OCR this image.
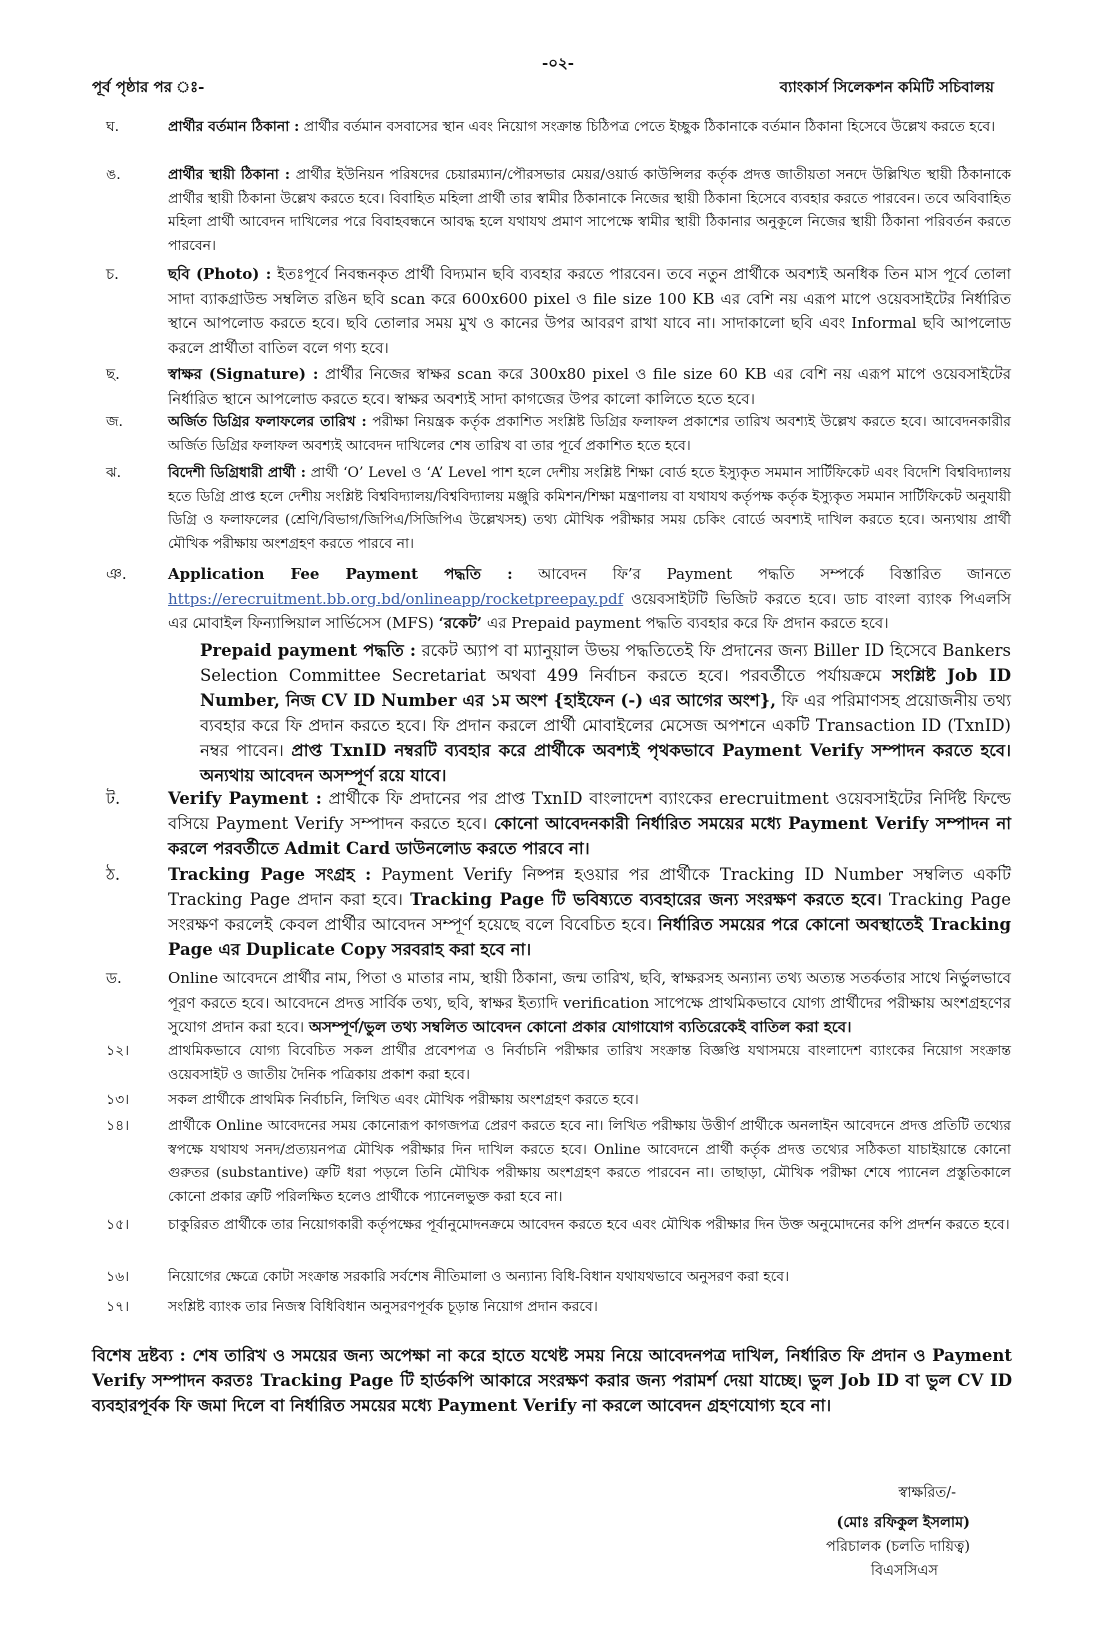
-০২-
পূর্ব পৃষ্ঠার পর ঃ-	ব্যাংকার্স সিলেকশন কমিটি সচিবালয়
ঘ.	প্রার্থীর বর্তমান ঠিকানা : প্রার্থীর বর্তমান বসবাসের স্থান এবং নিয়োগ সংক্রান্ত চিঠিপত্র পেতে ইচ্ছুক ঠিকানাকে বর্তমান ঠিকানা হিসেবে উল্লেখ করতে হবে।
ঙ.	প্রার্থীর স্থায়ী ঠিকানা : প্রার্থীর ইউনিয়ন পরিষদের চেয়ারম্যান/পৌরসভার মেয়র/ওয়ার্ড কাউন্সিলর কর্তৃক প্রদত্ত জাতীয়তা সনদে উল্লিখিত স্থায়ী ঠিকানাকে প্রার্থীর স্থায়ী ঠিকানা উল্লেখ করতে হবে। বিবাহিত মহিলা প্রার্থী তার স্বামীর ঠিকানাকে নিজের স্থায়ী ঠিকানা হিসেবে ব্যবহার করতে পারবেন। তবে অবিবাহিত মহিলা প্রার্থী আবেদন দাখিলের পরে বিবাহবন্ধনে আবদ্ধ হলে যথাযথ প্রমাণ সাপেক্ষে স্বামীর স্থায়ী ঠিকানার অনুকূলে নিজের স্থায়ী ঠিকানা পরিবর্তন করতে পারবেন।
চ.	ছবি (Photo) : ইতঃপূর্বে নিবন্ধনকৃত প্রার্থী বিদ্যমান ছবি ব্যবহার করতে পারবেন। তবে নতুন প্রার্থীকে অবশ্যই অনধিক তিন মাস পূর্বে তোলা সাদা ব্যাকগ্রাউন্ড সম্বলিত রঙিন ছবি scan করে 600x600 pixel ও file size 100 KB এর বেশি নয় এরূপ মাপে ওয়েবসাইটের নির্ধারিত স্থানে আপলোড করতে হবে। ছবি তোলার সময় মুখ ও কানের উপর আবরণ রাখা যাবে না। সাদাকালো ছবি এবং Informal ছবি আপলোড করলে প্রার্থীতা বাতিল বলে গণ্য হবে।
ছ.	স্বাক্ষর (Signature) : প্রার্থীর নিজের স্বাক্ষর scan করে 300x80 pixel ও file size 60 KB এর বেশি নয় এরূপ মাপে ওয়েবসাইটের নির্ধারিত স্থানে আপলোড করতে হবে। স্বাক্ষর অবশ্যই সাদা কাগজের উপর কালো কালিতে হতে হবে।
জ.	অর্জিত ডিগ্রির ফলাফলের তারিখ : পরীক্ষা নিয়ন্ত্রক কর্তৃক প্রকাশিত সংশ্লিষ্ট ডিগ্রির ফলাফল প্রকাশের তারিখ অবশ্যই উল্লেখ করতে হবে। আবেদনকারীর অর্জিত ডিগ্রির ফলাফল অবশ্যই আবেদন দাখিলের শেষ তারিখ বা তার পূর্বে প্রকাশিত হতে হবে।
ঝ.	বিদেশী ডিগ্রিধারী প্রার্থী : প্রার্থী ‘O’ Level ও ‘A’ Level পাশ হলে দেশীয় সংশ্লিষ্ট শিক্ষা বোর্ড হতে ইস্যুকৃত সমমান সার্টিফিকেট এবং বিদেশি বিশ্ববিদ্যালয় হতে ডিগ্রি প্রাপ্ত হলে দেশীয় সংশ্লিষ্ট বিশ্ববিদ্যালয়/বিশ্ববিদ্যালয় মঞ্জুরি কমিশন/শিক্ষা মন্ত্রণালয় বা যথাযথ কর্তৃপক্ষ কর্তৃক ইস্যুকৃত সমমান সার্টিফিকেট অনুযায়ী ডিগ্রি ও ফলাফলের (শ্রেণি/বিভাগ/জিপিএ/সিজিপিএ উল্লেখসহ) তথ্য মৌখিক পরীক্ষার সময় চেকিং বোর্ডে অবশ্যই দাখিল করতে হবে। অন্যথায় প্রার্থী মৌখিক পরীক্ষায় অংশগ্রহণ করতে পারবে না।
ঞ.	Application Fee Payment পদ্ধতি : আবেদন ফি’র Payment পদ্ধতি সম্পর্কে বিস্তারিত জানতে https://erecruitment.bb.org.bd/onlineapp/rocketpreepay.pdf ওয়েবসাইটটি ভিজিট করতে হবে। ডাচ বাংলা ব্যাংক পিএলসি এর মোবাইল ফিন্যান্সিয়াল সার্ভিসেস (MFS) ‘রকেট’ এর Prepaid payment পদ্ধতি ব্যবহার করে ফি প্রদান করতে হবে।
Prepaid payment পদ্ধতি : রকেট অ্যাপ বা ম্যানুয়াল উভয় পদ্ধতিতেই ফি প্রদানের জন্য Biller ID হিসেবে Bankers Selection Committee Secretariat অথবা 499 নির্বাচন করতে হবে। পরবর্তীতে পর্যায়ক্রমে সংশ্লিষ্ট Job ID Number, নিজ CV ID Number এর ১ম অংশ {হাইফেন (-) এর আগের অংশ}, ফি এর পরিমাণসহ প্রয়োজনীয় তথ্য ব্যবহার করে ফি প্রদান করতে হবে। ফি প্রদান করলে প্রার্থী মোবাইলের মেসেজ অপশনে একটি Transaction ID (TxnID) নম্বর পাবেন। প্রাপ্ত TxnID নম্বরটি ব্যবহার করে প্রার্থীকে অবশ্যই পৃথকভাবে Payment Verify সম্পাদন করতে হবে। অন্যথায় আবেদন অসম্পূর্ণ রয়ে যাবে।
ট.	Verify Payment : প্রার্থীকে ফি প্রদানের পর প্রাপ্ত TxnID বাংলাদেশ ব্যাংকের erecruitment ওয়েবসাইটের নির্দিষ্ট ফিল্ডে বসিয়ে Payment Verify সম্পাদন করতে হবে। কোনো আবেদনকারী নির্ধারিত সময়ের মধ্যে Payment Verify সম্পাদন না করলে পরবর্তীতে Admit Card ডাউনলোড করতে পারবে না।
ঠ.	Tracking Page সংগ্রহ : Payment Verify নিষ্পন্ন হওয়ার পর প্রার্থীকে Tracking ID Number সম্বলিত একটি Tracking Page প্রদান করা হবে। Tracking Page টি ভবিষ্যতে ব্যবহারের জন্য সংরক্ষণ করতে হবে। Tracking Page সংরক্ষণ করলেই কেবল প্রার্থীর আবেদন সম্পূর্ণ হয়েছে বলে বিবেচিত হবে। নির্ধারিত সময়ের পরে কোনো অবস্থাতেই Tracking Page এর Duplicate Copy সরবরাহ করা হবে না।
ড.	Online আবেদনে প্রার্থীর নাম, পিতা ও মাতার নাম, স্থায়ী ঠিকানা, জন্ম তারিখ, ছবি, স্বাক্ষরসহ অন্যান্য তথ্য অত্যন্ত সতর্কতার সাথে নির্ভুলভাবে পূরণ করতে হবে। আবেদনে প্রদত্ত সার্বিক তথ্য, ছবি, স্বাক্ষর ইত্যাদি verification সাপেক্ষে প্রাথমিকভাবে যোগ্য প্রার্থীদের পরীক্ষায় অংশগ্রহণের সুযোগ প্রদান করা হবে। অসম্পূর্ণ/ভুল তথ্য সম্বলিত আবেদন কোনো প্রকার যোগাযোগ ব্যতিরেকেই বাতিল করা হবে।
১২।	প্রাথমিকভাবে যোগ্য বিবেচিত সকল প্রার্থীর প্রবেশপত্র ও নির্বাচনি পরীক্ষার তারিখ সংক্রান্ত বিজ্ঞপ্তি যথাসময়ে বাংলাদেশ ব্যাংকের নিয়োগ সংক্রান্ত ওয়েবসাইট ও জাতীয় দৈনিক পত্রিকায় প্রকাশ করা হবে।
১৩।	সকল প্রার্থীকে প্রাথমিক নির্বাচনি, লিখিত এবং মৌখিক পরীক্ষায় অংশগ্রহণ করতে হবে।
১৪।	প্রার্থীকে Online আবেদনের সময় কোনোরূপ কাগজপত্র প্রেরণ করতে হবে না। লিখিত পরীক্ষায় উত্তীর্ণ প্রার্থীকে অনলাইন আবেদনে প্রদত্ত প্রতিটি তথ্যের স্বপক্ষে যথাযথ সনদ/প্রত্যয়নপত্র মৌখিক পরীক্ষার দিন দাখিল করতে হবে। Online আবেদনে প্রার্থী কর্তৃক প্রদত্ত তথ্যের সঠিকতা যাচাইয়ান্তে কোনো গুরুতর (substantive) ত্রুটি ধরা পড়লে তিনি মৌখিক পরীক্ষায় অংশগ্রহণ করতে পারবেন না। তাছাড়া, মৌখিক পরীক্ষা শেষে প্যানেল প্রস্তুতিকালে কোনো প্রকার ত্রুটি পরিলক্ষিত হলেও প্রার্থীকে প্যানেলভুক্ত করা হবে না।
১৫।	চাকুরিরত প্রার্থীকে তার নিয়োগকারী কর্তৃপক্ষের পূর্বানুমোদনক্রমে আবেদন করতে হবে এবং মৌখিক পরীক্ষার দিন উক্ত অনুমোদনের কপি প্রদর্শন করতে হবে।
১৬।	নিয়োগের ক্ষেত্রে কোটা সংক্রান্ত সরকারি সর্বশেষ নীতিমালা ও অন্যান্য বিধি-বিধান যথাযথভাবে অনুসরণ করা হবে।
১৭।	সংশ্লিষ্ট ব্যাংক তার নিজস্ব বিধিবিধান অনুসরণপূর্বক চূড়ান্ত নিয়োগ প্রদান করবে।
বিশেষ দ্রষ্টব্য : শেষ তারিখ ও সময়ের জন্য অপেক্ষা না করে হাতে যথেষ্ট সময় নিয়ে আবেদনপত্র দাখিল, নির্ধারিত ফি প্রদান ও Payment Verify সম্পাদন করতঃ Tracking Page টি হার্ডকপি আকারে সংরক্ষণ করার জন্য পরামর্শ দেয়া যাচ্ছে। ভুল Job ID বা ভুল CV ID ব্যবহারপূর্বক ফি জমা দিলে বা নির্ধারিত সময়ের মধ্যে Payment Verify না করলে আবেদন গ্রহণযোগ্য হবে না।
স্বাক্ষরিত/-
(মোঃ রফিকুল ইসলাম)
পরিচালক (চলতি দায়িত্ব)
বিএসসিএস
